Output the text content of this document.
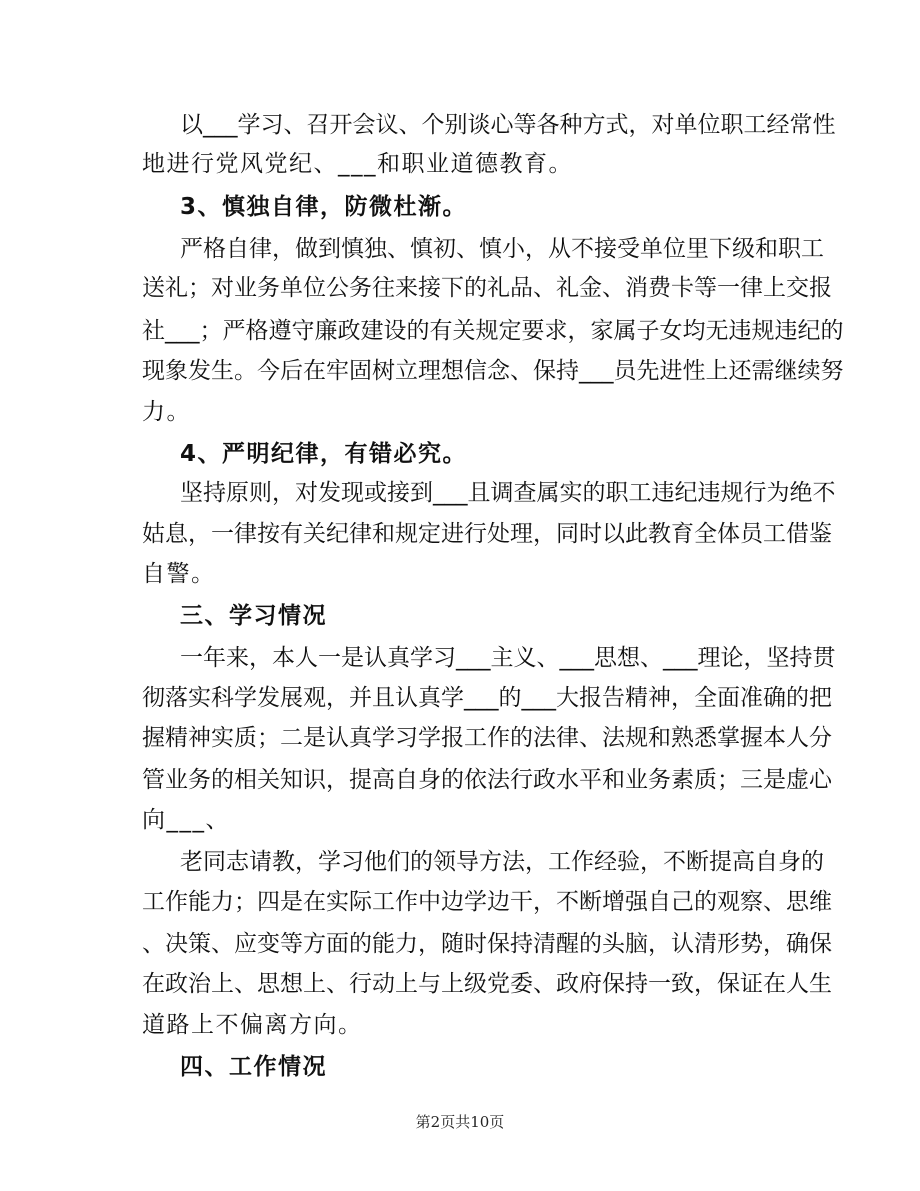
以___学习、召开会议、个别谈心等各种方式，对单位职工经常性
地进行党风党纪、___和职业道德教育。
3、慎独自律，防微杜渐。
严格自律，做到慎独、慎初、慎小，从不接受单位里下级和职工
送礼；对业务单位公务往来接下的礼品、礼金、消费卡等一律上交报
社___；严格遵守廉政建设的有关规定要求，家属子女均无违规违纪的
现象发生。今后在牢固树立理想信念、保持___员先进性上还需继续努
力。
4、严明纪律，有错必究。
坚持原则，对发现或接到___且调查属实的职工违纪违规行为绝不
姑息，一律按有关纪律和规定进行处理，同时以此教育全体员工借鉴
自警。
三、学习情况
一年来，本人一是认真学习___主义、___思想、___理论，坚持贯
彻落实科学发展观，并且认真学___的___大报告精神，全面准确的把
握精神实质；二是认真学习学报工作的法律、法规和熟悉掌握本人分
管业务的相关知识，提高自身的依法行政水平和业务素质；三是虚心
向___、
老同志请教，学习他们的领导方法，工作经验，不断提高自身的
工作能力；四是在实际工作中边学边干，不断增强自己的观察、思维
、决策、应变等方面的能力，随时保持清醒的头脑，认清形势，确保
在政治上、思想上、行动上与上级党委、政府保持一致，保证在人生
道路上不偏离方向。
四、工作情况
第2页共10页
